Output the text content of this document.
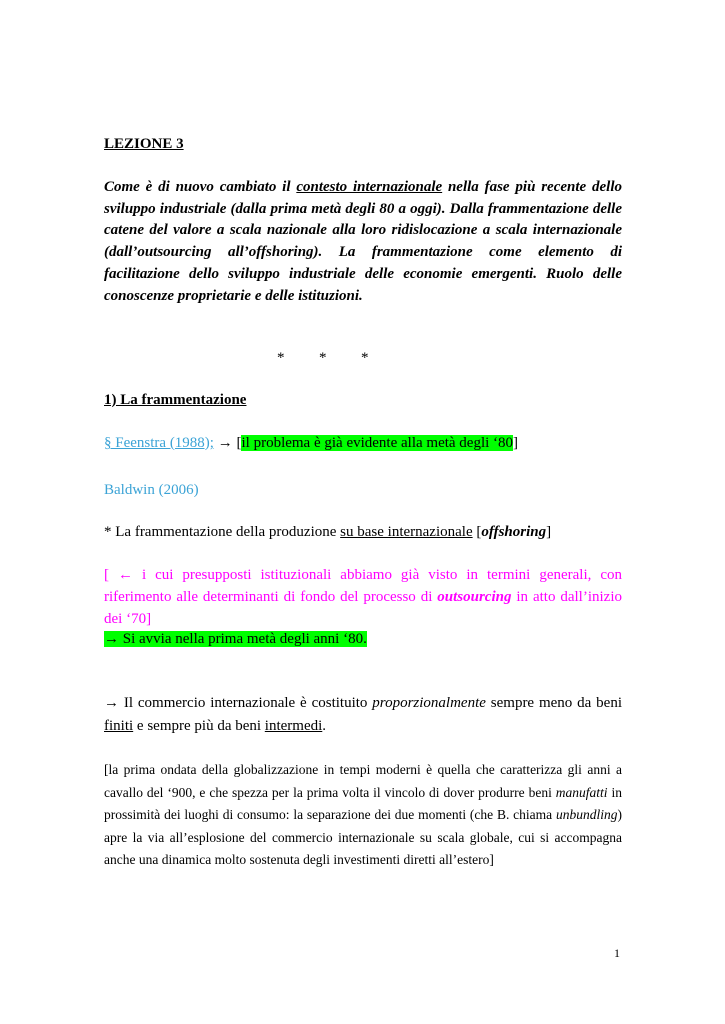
LEZIONE 3
Come è di nuovo cambiato il contesto internazionale nella fase più recente dello sviluppo industriale (dalla prima metà degli 80 a oggi). Dalla frammentazione delle catene del valore a scala nazionale alla loro ridislocazione a scala internazionale (dall’outsourcing all’offshoring). La frammentazione come elemento di facilitazione dello sviluppo industriale delle economie emergenti. Ruolo delle conoscenze proprietarie e delle istituzioni.
* * *
1) La frammentazione
§ Feenstra (1988); → [il problema è già evidente alla metà degli ‘80]
Baldwin (2006)
* La frammentazione della produzione su base internazionale [offshoring]
[ ← i cui presupposti istituzionali abbiamo già visto in termini generali, con riferimento alle determinanti di fondo del processo di outsourcing in atto dall’inizio dei ‘70]
→ Si avvia nella prima metà degli anni ‘80.
→ Il commercio internazionale è costituito proporzionalmente sempre meno da beni finiti e sempre più da beni intermedi.
[la prima ondata della globalizzazione in tempi moderni è quella che caratterizza gli anni a cavallo del ‘900, e che spezza per la prima volta il vincolo di dover produrre beni manufatti in prossimità dei luoghi di consumo: la separazione dei due momenti (che B. chiama unbundling) apre la via all’esplosione del commercio internazionale su scala globale, cui si accompagna anche una dinamica molto sostenuta degli investimenti diretti all’estero]
1
